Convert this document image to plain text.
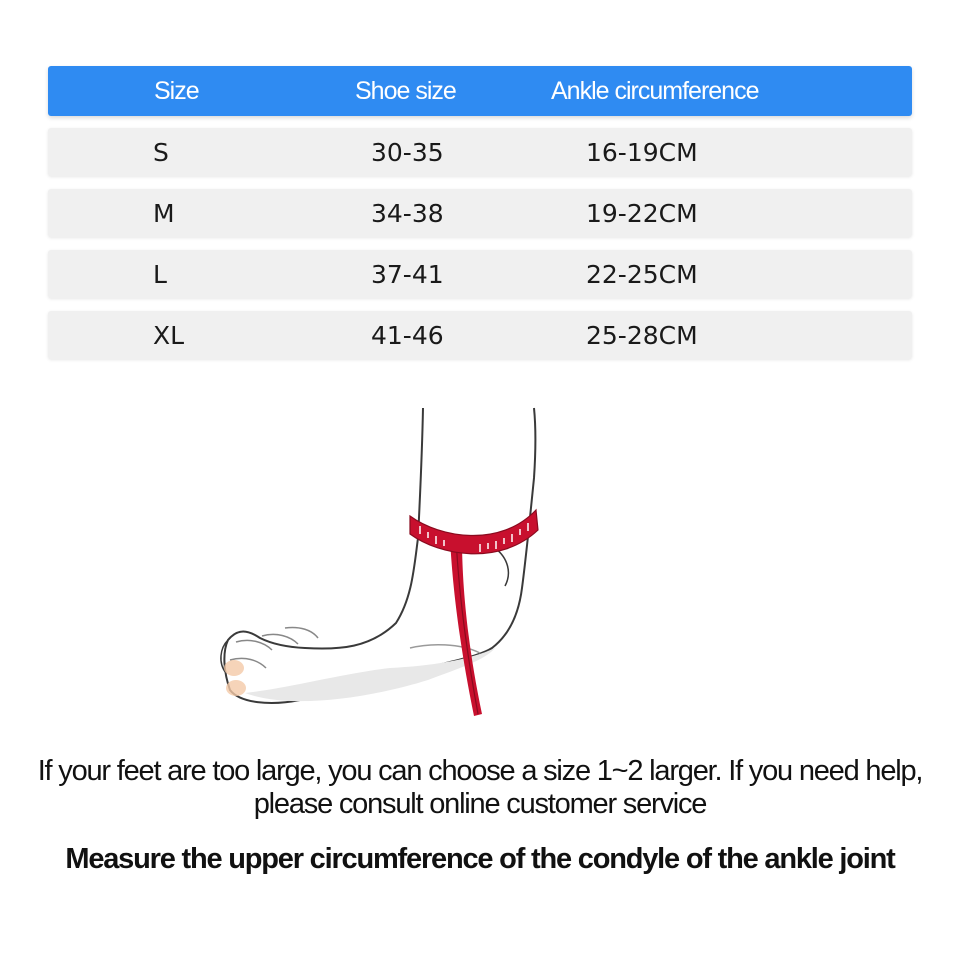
Size	Shoe size	Ankle circumference
S	30-35	16-19CM
M	34-38	19-22CM
L	37-41	22-25CM
XL	41-46	25-28CM
If your feet are too large, you can choose a size 1~2 larger. If you need help,
please consult online customer service
Measure the upper circumference of the condyle of the ankle joint
